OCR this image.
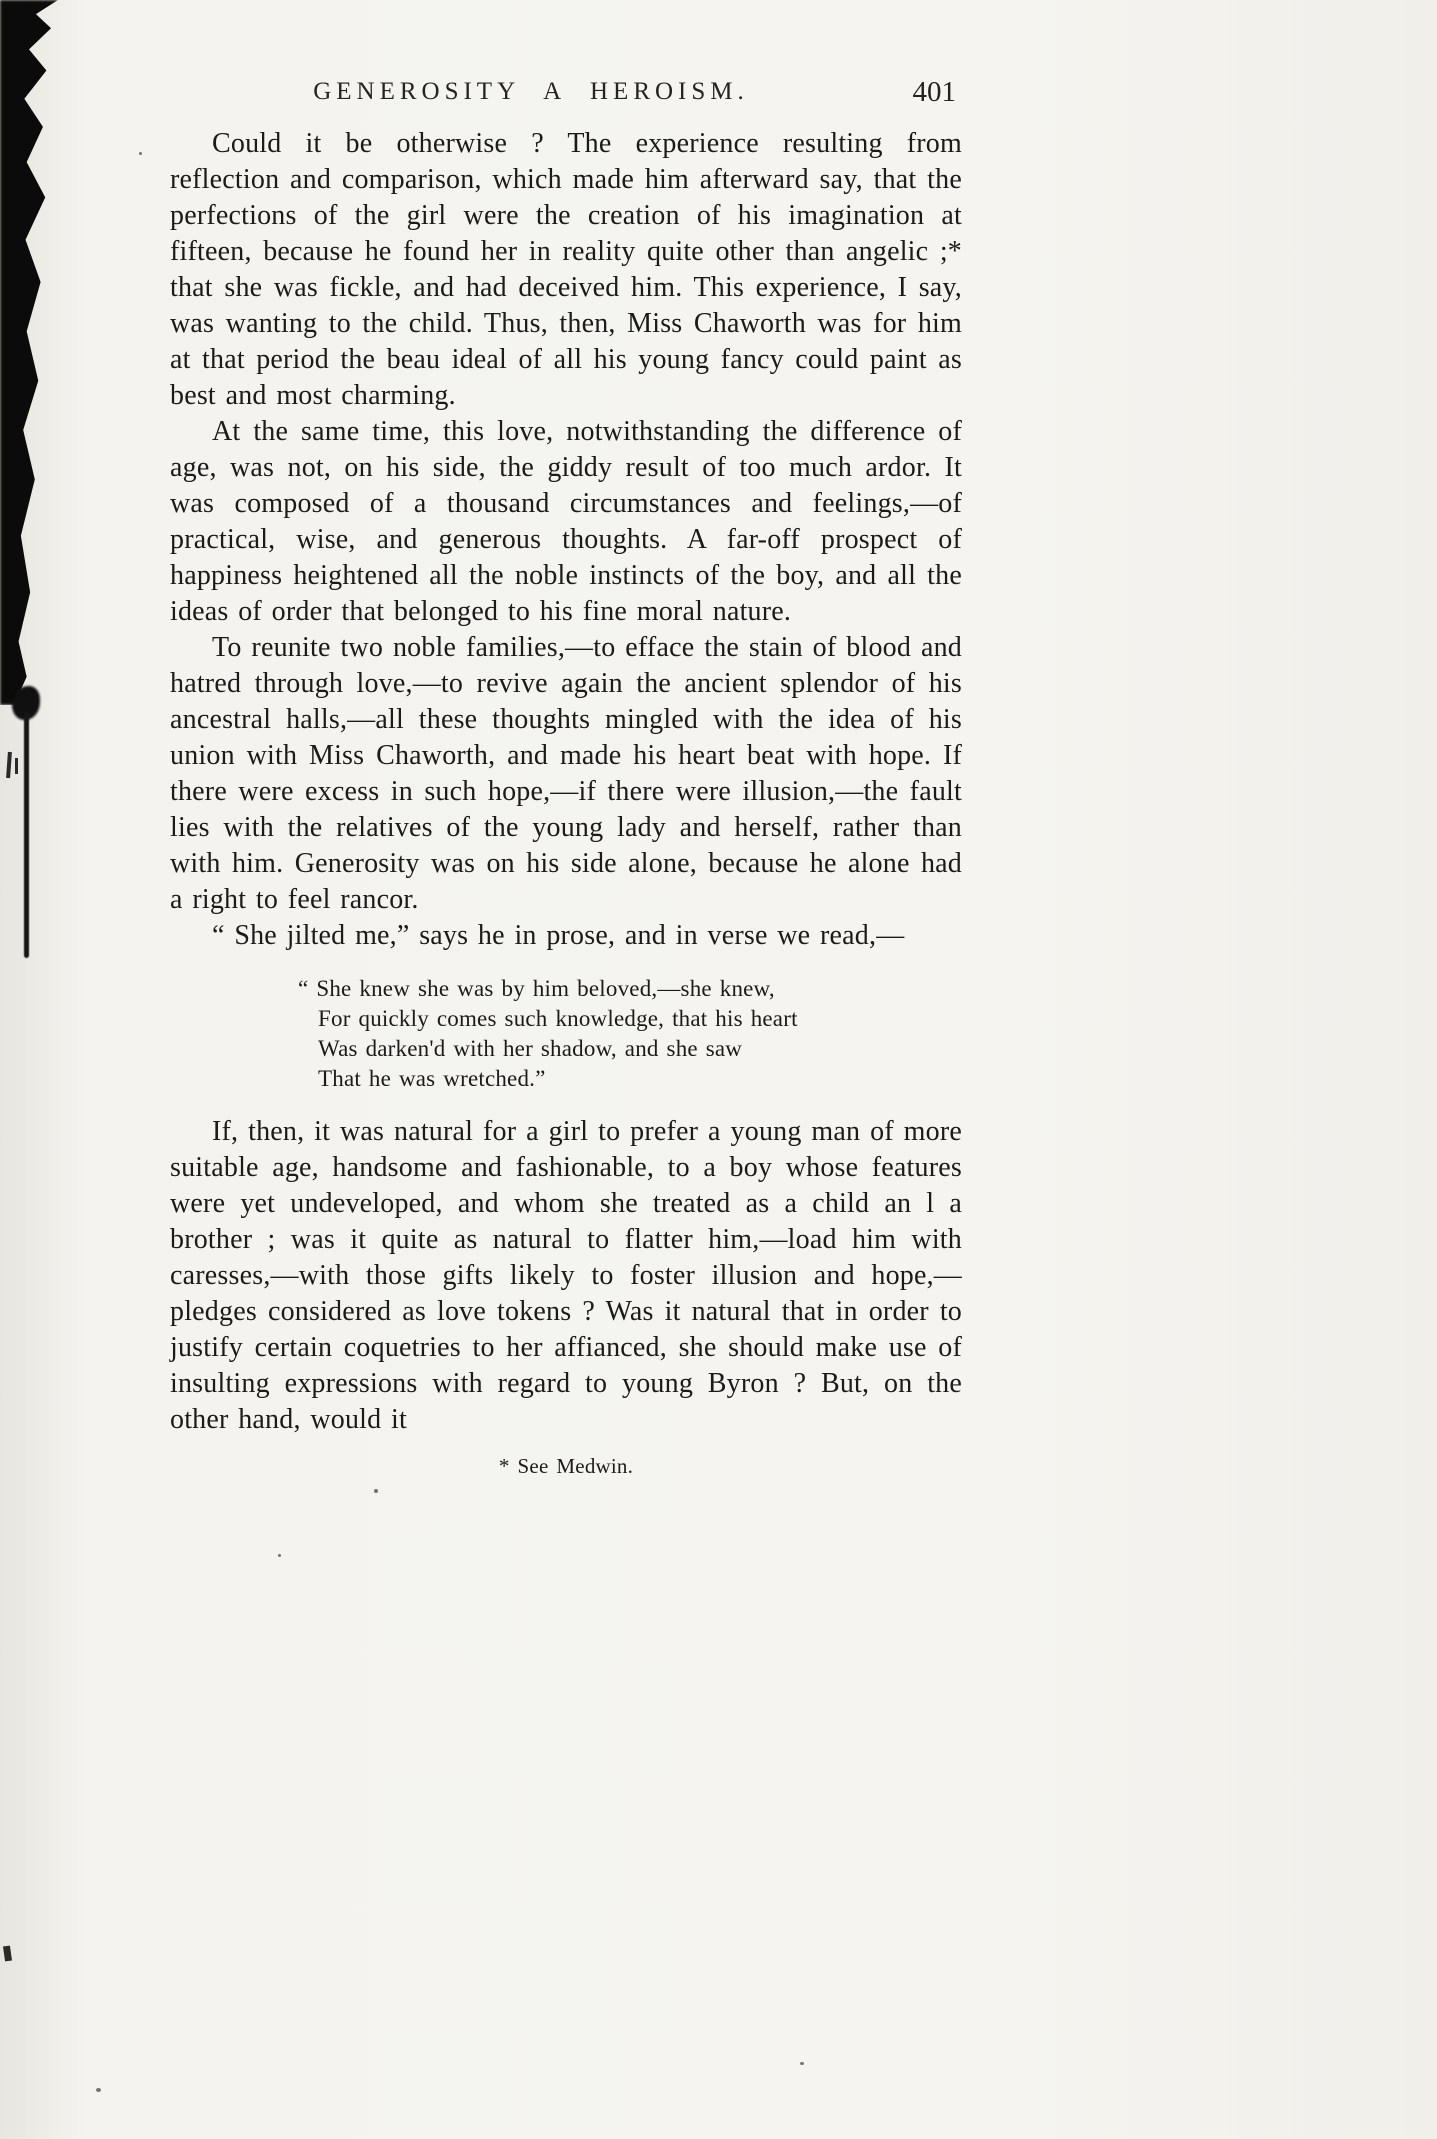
GENEROSITY A HEROISM.	401

Could it be otherwise ? The experience resulting from reflection and comparison, which made him afterward say, that the perfections of the girl were the creation of his imagination at fifteen, because he found her in reality quite other than angelic ;* that she was fickle, and had deceived him. This experience, I say, was wanting to the child. Thus, then, Miss Chaworth was for him at that period the beau ideal of all his young fancy could paint as best and most charming.

At the same time, this love, notwithstanding the difference of age, was not, on his side, the giddy result of too much ardor. It was composed of a thousand circumstances and feelings,—of practical, wise, and generous thoughts. A far-off prospect of happiness heightened all the noble instincts of the boy, and all the ideas of order that belonged to his fine moral nature.

To reunite two noble families,—to efface the stain of blood and hatred through love,—to revive again the ancient splendor of his ancestral halls,—all these thoughts mingled with the idea of his union with Miss Chaworth, and made his heart beat with hope. If there were excess in such hope,—if there were illusion,—the fault lies with the relatives of the young lady and herself, rather than with him. Generosity was on his side alone, because he alone had a right to feel rancor.

“ She jilted me,” says he in prose, and in verse we read,—

“ She knew she was by him beloved,—she knew,
For quickly comes such knowledge, that his heart
Was darken'd with her shadow, and she saw
That he was wretched.”

If, then, it was natural for a girl to prefer a young man of more suitable age, handsome and fashionable, to a boy whose features were yet undeveloped, and whom she treated as a child an l a brother ; was it quite as natural to flatter him,—load him with caresses,—with those gifts likely to foster illusion and hope,—pledges considered as love tokens ? Was it natural that in order to justify certain coquetries to her affianced, she should make use of insulting expressions with regard to young Byron ? But, on the other hand, would it

* See Medwin.
